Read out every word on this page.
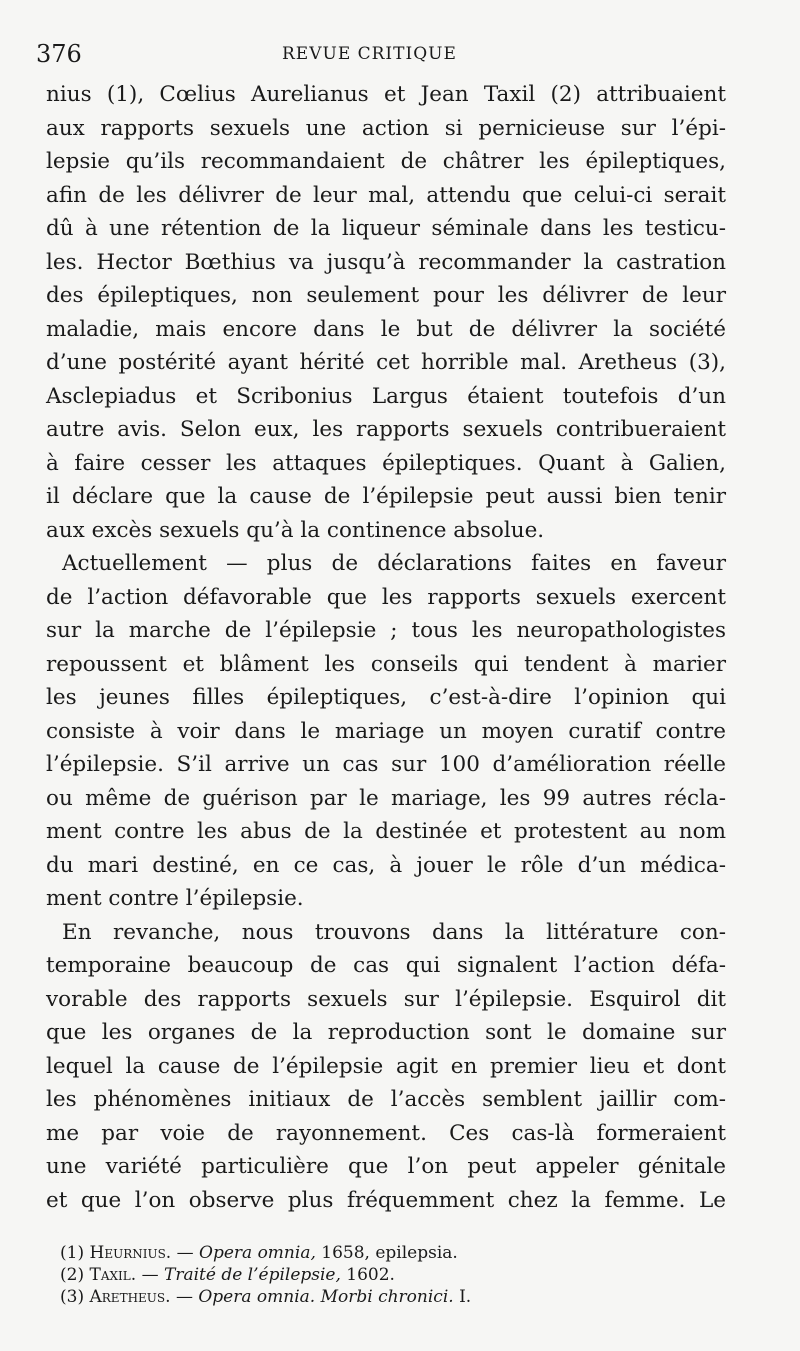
376	REVUE CRITIQUE
nius (1), Cœlius Aurelianus et Jean Taxil (2) attribuaient
aux rapports sexuels une action si pernicieuse sur l’épi-
lepsie qu’ils recommandaient de châtrer les épileptiques,
afin de les délivrer de leur mal, attendu que celui-ci serait
dû à une rétention de la liqueur séminale dans les testicu-
les. Hector Bœthius va jusqu’à recommander la castration
des épileptiques, non seulement pour les délivrer de leur
maladie, mais encore dans le but de délivrer la société
d’une postérité ayant hérité cet horrible mal. Aretheus (3),
Asclepiadus et Scribonius Largus étaient toutefois d’un
autre avis. Selon eux, les rapports sexuels contribueraient
à faire cesser les attaques épileptiques. Quant à Galien,
il déclare que la cause de l’épilepsie peut aussi bien tenir
aux excès sexuels qu’à la continence absolue.
Actuellement — plus de déclarations faites en faveur
de l’action défavorable que les rapports sexuels exercent
sur la marche de l’épilepsie ; tous les neuropathologistes
repoussent et blâment les conseils qui tendent à marier
les jeunes filles épileptiques, c’est-à-dire l’opinion qui
consiste à voir dans le mariage un moyen curatif contre
l’épilepsie. S’il arrive un cas sur 100 d’amélioration réelle
ou même de guérison par le mariage, les 99 autres récla-
ment contre les abus de la destinée et protestent au nom
du mari destiné, en ce cas, à jouer le rôle d’un médica-
ment contre l’épilepsie.
En revanche, nous trouvons dans la littérature con-
temporaine beaucoup de cas qui signalent l’action défa-
vorable des rapports sexuels sur l’épilepsie. Esquirol dit
que les organes de la reproduction sont le domaine sur
lequel la cause de l’épilepsie agit en premier lieu et dont
les phénomènes initiaux de l’accès semblent jaillir com-
me par voie de rayonnement. Ces cas-là formeraient
une variété particulière que l’on peut appeler génitale
et que l’on observe plus fréquemment chez la femme. Le
(1) Heurnius. — Opera omnia, 1658, epilepsia.
(2) Taxil. — Traité de l’épilepsie, 1602.
(3) Aretheus. — Opera omnia. Morbi chronici. I.
